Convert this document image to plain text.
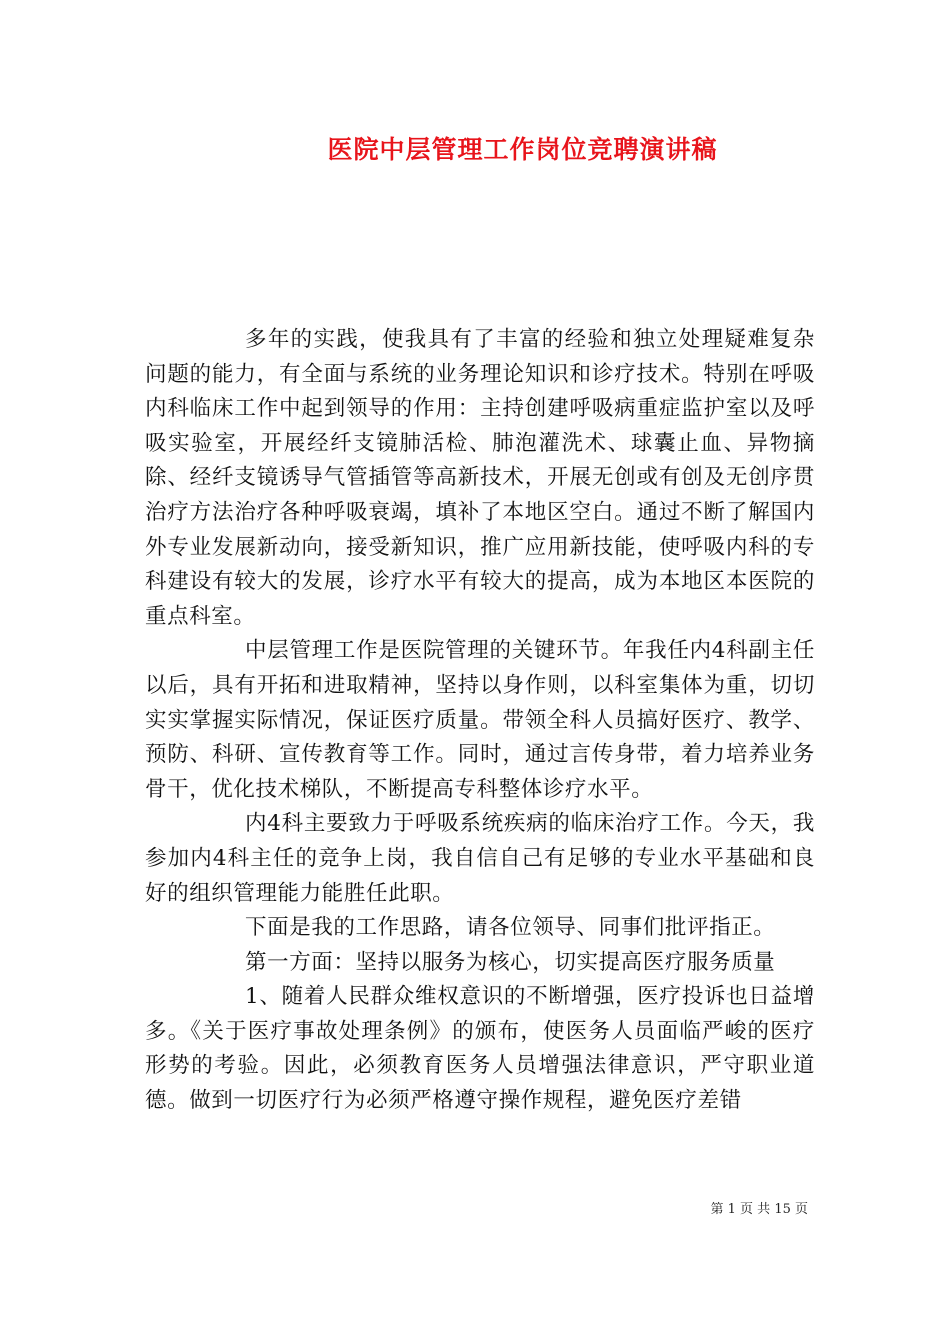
医院中层管理工作岗位竞聘演讲稿

多年的实践，使我具有了丰富的经验和独立处理疑难复杂问题的能力，有全面与系统的业务理论知识和诊疗技术。特别在呼吸内科临床工作中起到领导的作用：主持创建呼吸病重症监护室以及呼吸实验室，开展经纤支镜肺活检、肺泡灌洗术、球囊止血、异物摘除、经纤支镜诱导气管插管等高新技术，开展无创或有创及无创序贯治疗方法治疗各种呼吸衰竭，填补了本地区空白。通过不断了解国内外专业发展新动向，接受新知识，推广应用新技能，使呼吸内科的专科建设有较大的发展，诊疗水平有较大的提高，成为本地区本医院的重点科室。

中层管理工作是医院管理的关键环节。年我任内4科副主任以后，具有开拓和进取精神，坚持以身作则，以科室集体为重，切切实实掌握实际情况，保证医疗质量。带领全科人员搞好医疗、教学、预防、科研、宣传教育等工作。同时，通过言传身带，着力培养业务骨干，优化技术梯队，不断提高专科整体诊疗水平。

内4科主要致力于呼吸系统疾病的临床治疗工作。今天，我参加内4科主任的竞争上岗，我自信自己有足够的专业水平基础和良好的组织管理能力能胜任此职。

下面是我的工作思路，请各位领导、同事们批评指正。

第一方面：坚持以服务为核心，切实提高医疗服务质量

1、随着人民群众维权意识的不断增强，医疗投诉也日益增多。《关于医疗事故处理条例》的颁布，使医务人员面临严峻的医疗形势的考验。因此，必须教育医务人员增强法律意识，严守职业道德。做到一切医疗行为必须严格遵守操作规程，避免医疗差错

第 1 页 共 15 页
